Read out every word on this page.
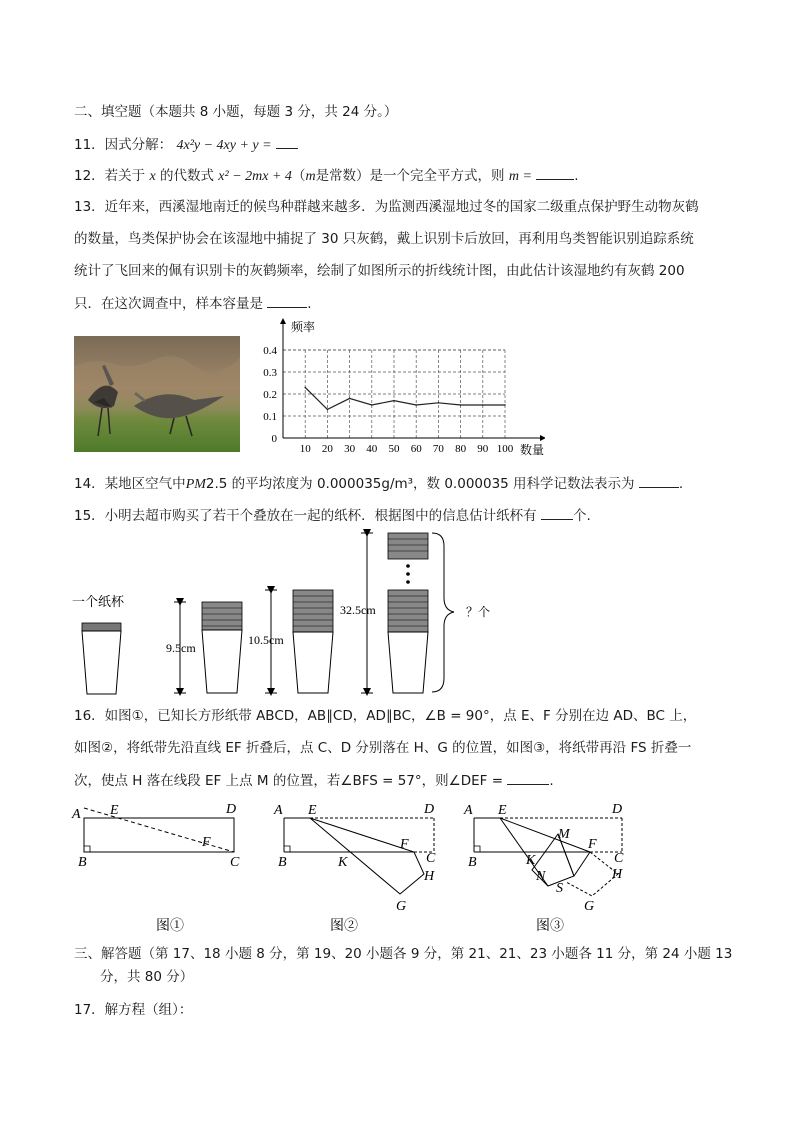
二、填空题（本题共 8 小题，每题 3 分，共 24 分。）
11．因式分解： 4x²y − 4xy + y =
12．若关于 x 的代数式 x² − 2mx + 4（m是常数）是一个完全平方式，则 m =	.
13．近年来，西溪湿地南迁的候鸟种群越来越多．为监测西溪湿地过冬的国家二级重点保护野生动物灰鹤
的数量，鸟类保护协会在该湿地中捕捉了 30 只灰鹤，戴上识别卡后放回，再利用鸟类智能识别追踪系统
统计了飞回来的佩有识别卡的灰鹤频率，绘制了如图所示的折线统计图，由此估计该湿地约有灰鹤 200
只．在这次调查中，样本容量是	.
频率
数量
0
0.1
0.2
0.3
0.4
10 20 30 40 50 60 70 80 90 100
14．某地区空气中PM2.5 的平均浓度为 0.000035g/m³，数 0.000035 用科学记数法表示为	.
15．小明去超市购买了若干个叠放在一起的纸杯．根据图中的信息估计纸杯有	个.
一个纸杯
9.5cm
10.5cm
32.5cm	？个
16．如图①，已知长方形纸带 ABCD，AB∥CD，AD∥BC，∠B = 90°，点 E、F 分别在边 AD、BC 上，
如图②，将纸带先沿直线 EF 折叠后，点 C、D 分别落在 H、G 的位置，如图③，将纸带再沿 FS 折叠一
次，使点 H 落在线段 EF 上点 M 的位置，若∠BFS = 57°，则∠DEF =	.
A E	D
B
F
C
图①
A E	D
B	K
F
C
H
G
图②
A E	D
B	K
M
F
C
H
N
S
G
图③
三、解答题（第 17、18 小题 8 分，第 19、20 小题各 9 分，第 21、21、23 小题各 11 分，第 24 小题 13
分，共 80 分）
17．解方程（组）：
